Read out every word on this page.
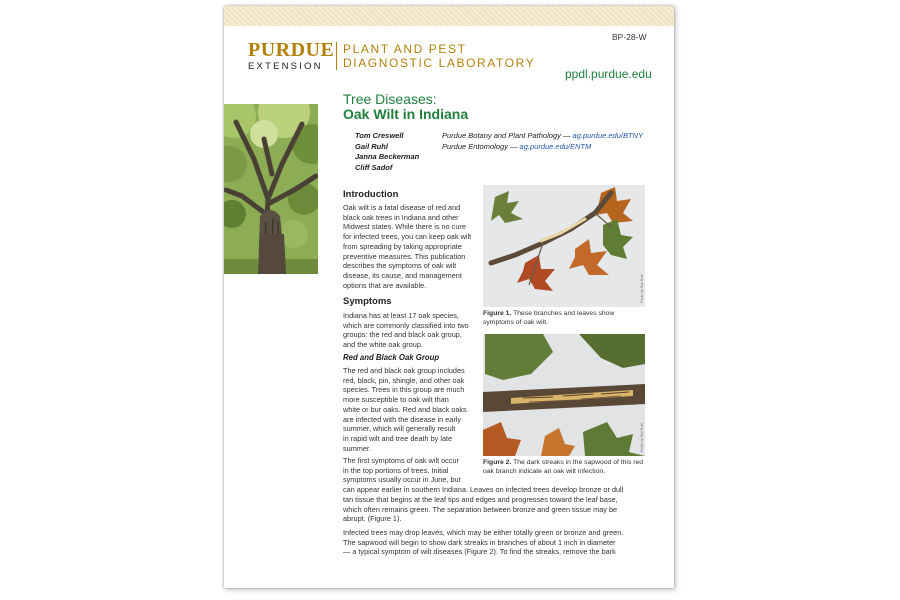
BP-28-W
PURDUE
EXTENSION
PLANT AND PEST
DIAGNOSTIC LABORATORY
ppdl.purdue.edu
Tree Diseases:
Oak Wilt in Indiana
Tom Creswell
Gail Ruhl
Janna Beckerman
Cliff Sadof
Purdue Botany and Plant Pathology — ag.purdue.edu/BTNY
Purdue Entomology — ag.purdue.edu/ENTM
Introduction
Oak wilt is a fatal disease of red and
black oak trees in Indiana and other
Midwest states. While there is no cure
for infected trees, you can keep oak wilt
from spreading by taking appropriate
preventive measures. This publication
describes the symptoms of oak wilt
disease, its cause, and management
options that are available.
Symptoms
Indiana has at least 17 oak species,
which are commonly classified into two
groups: the red and black oak group,
and the white oak group.
Red and Black Oak Group
The red and black oak group includes
red, black, pin, shingle, and other oak
species. Trees in this group are much
more susceptible to oak wilt than
white or bur oaks. Red and black oaks
are infected with the disease in early
summer, which will generally result
in rapid wilt and tree death by late
summer.
The first symptoms of oak wilt occur
in the top portions of trees. Initial
symptoms usually occur in June, but
can appear earlier in southern Indiana. Leaves on infected trees develop bronze or dull
tan tissue that begins at the leaf tips and edges and progresses toward the leaf base,
which often remains green. The separation between bronze and green tissue may be
abrupt. (Figure 1).
Infected trees may drop leaves, which may be either totally green or bronze and green.
The sapwood will begin to show dark streaks in branches of about 1 inch in diameter
— a typical symptom of wilt diseases (Figure 2). To find the streaks, remove the bark
Photo by Gail Ruhl
Figure 1. These branches and leaves show symptoms of oak wilt.
Photo by Gail Ruhl
Figure 2. The dark streaks in the sapwood of this red oak branch indicate an oak wilt infection.
